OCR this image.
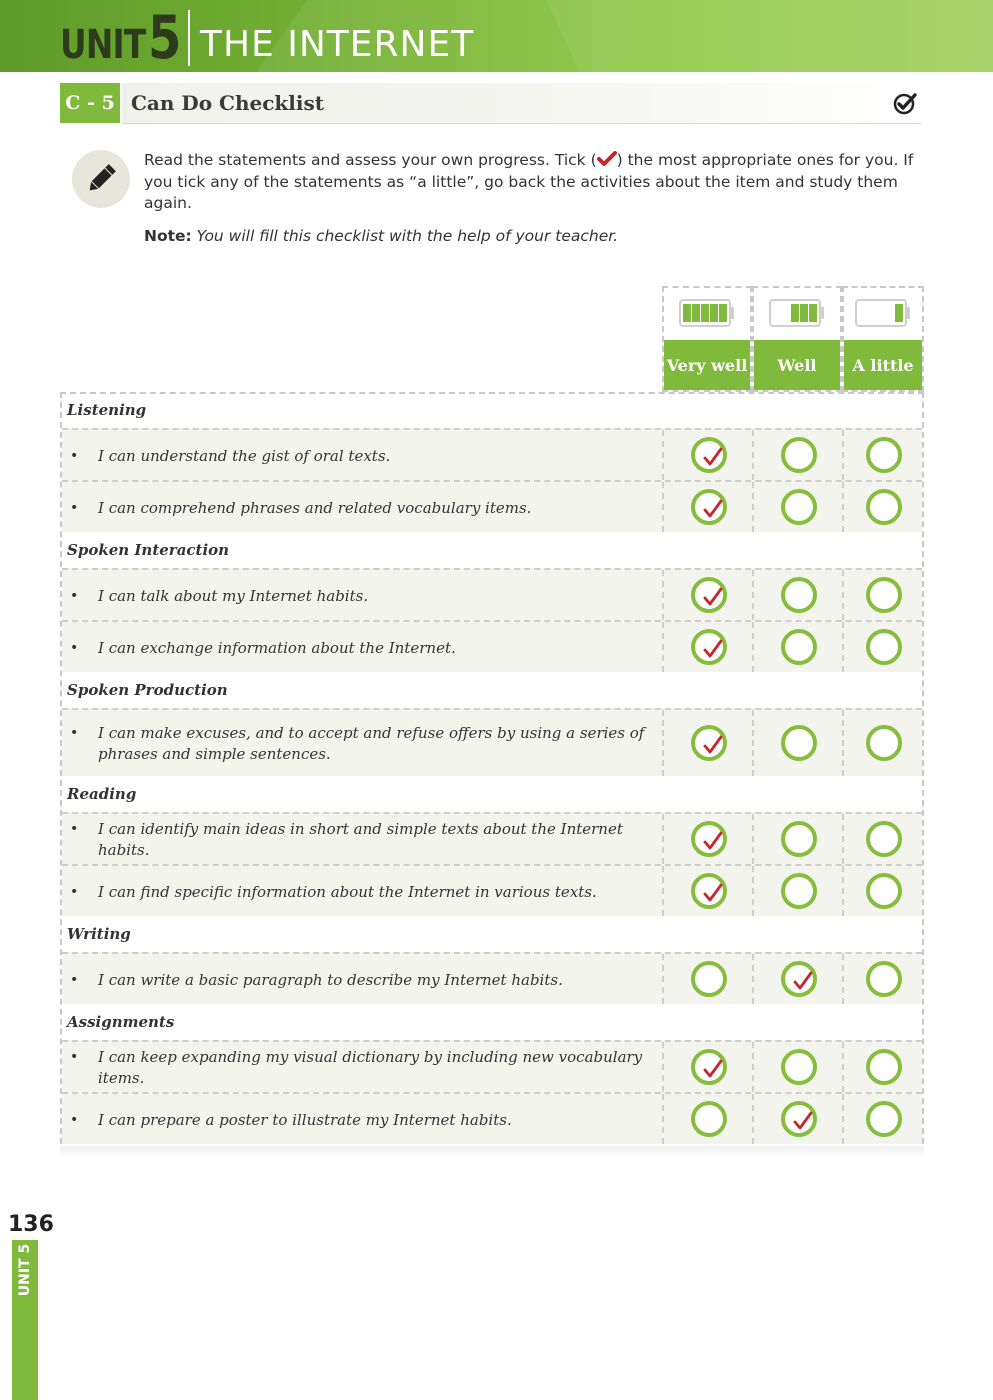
UNIT 5 THE INTERNET
C - 5 Can Do Checklist
Read the statements and assess your own progress. Tick ( ) the most appropriate ones for you. If you tick any of the statements as “a little”, go back the activities about the item and study them again.
Note: You will fill this checklist with the help of your teacher.
Very well	Well	A little
Listening
• I can understand the gist of oral texts.
• I can comprehend phrases and related vocabulary items.
Spoken Interaction
• I can talk about my Internet habits.
• I can exchange information about the Internet.
Spoken Production
• I can make excuses, and to accept and refuse offers by using a series of phrases and simple sentences.
Reading
• I can identify main ideas in short and simple texts about the Internet habits.
• I can find specific information about the Internet in various texts.
Writing
• I can write a basic paragraph to describe my Internet habits.
Assignments
• I can keep expanding my visual dictionary by including new vocabulary items.
• I can prepare a poster to illustrate my Internet habits.
136
UNIT 5
